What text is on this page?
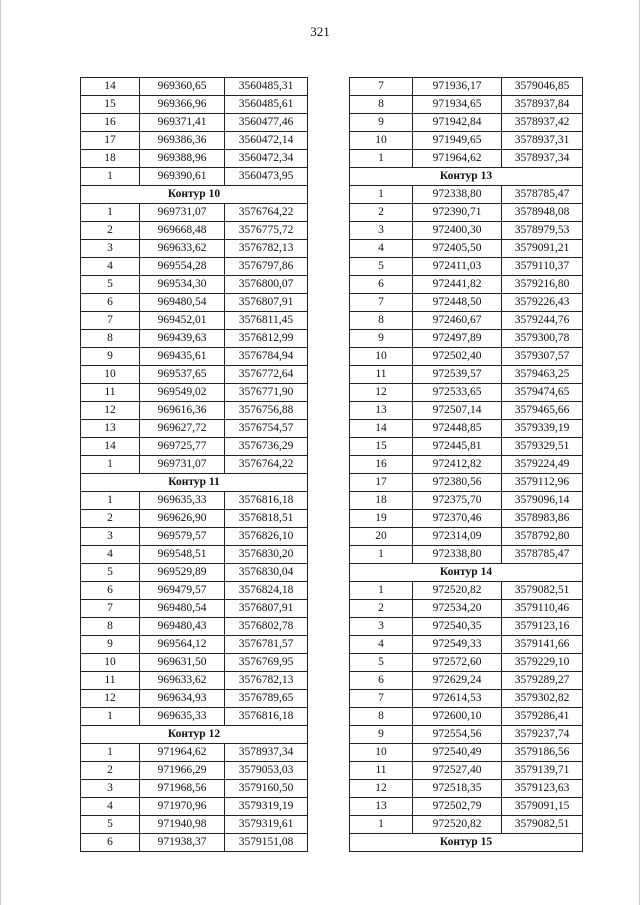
321
14	969360,65	3560485,31
15	969366,96	3560485,61
16	969371,41	3560477,46
17	969386,36	3560472,14
18	969388,96	3560472,34
1	969390,61	3560473,95
Контур 10		
1	969731,07	3576764,22
2	969668,48	3576775,72
3	969633,62	3576782,13
4	969554,28	3576797,86
5	969534,30	3576800,07
6	969480,54	3576807,91
7	969452,01	3576811,45
8	969439,63	3576812,99
9	969435,61	3576784,94
10	969537,65	3576772,64
11	969549,02	3576771,90
12	969616,36	3576756,88
13	969627,72	3576754,57
14	969725,77	3576736,29
1	969731,07	3576764,22
Контур 11		
1	969635,33	3576816,18
2	969626,90	3576818,51
3	969579,57	3576826,10
4	969548,51	3576830,20
5	969529,89	3576830,04
6	969479,57	3576824,18
7	969480,54	3576807,91
8	969480,43	3576802,78
9	969564,12	3576781,57
10	969631,50	3576769,95
11	969633,62	3576782,13
12	969634,93	3576789,65
1	969635,33	3576816,18
Контур 12		
1	971964,62	3578937,34
2	971966,29	3579053,03
3	971968,56	3579160,50
4	971970,96	3579319,19
5	971940,98	3579319,61
6	971938,37	3579151,08
7	971936,17	3579046,85
8	971934,65	3578937,84
9	971942,84	3578937,42
10	971949,65	3578937,31
1	971964,62	3578937,34
Контур 13		
1	972338,80	3578785,47
2	972390,71	3578948,08
3	972400,30	3578979,53
4	972405,50	3579091,21
5	972411,03	3579110,37
6	972441,82	3579216,80
7	972448,50	3579226,43
8	972460,67	3579244,76
9	972497,89	3579300,78
10	972502,40	3579307,57
11	972539,57	3579463,25
12	972533,65	3579474,65
13	972507,14	3579465,66
14	972448,85	3579339,19
15	972445,81	3579329,51
16	972412,82	3579224,49
17	972380,56	3579112,96
18	972375,70	3579096,14
19	972370,46	3578983,86
20	972314,09	3578792,80
1	972338,80	3578785,47
Контур 14		
1	972520,82	3579082,51
2	972534,20	3579110,46
3	972540,35	3579123,16
4	972549,33	3579141,66
5	972572,60	3579229,10
6	972629,24	3579289,27
7	972614,53	3579302,82
8	972600,10	3579286,41
9	972554,56	3579237,74
10	972540,49	3579186,56
11	972527,40	3579139,71
12	972518,35	3579123,63
13	972502,79	3579091,15
1	972520,82	3579082,51
Контур 15		
